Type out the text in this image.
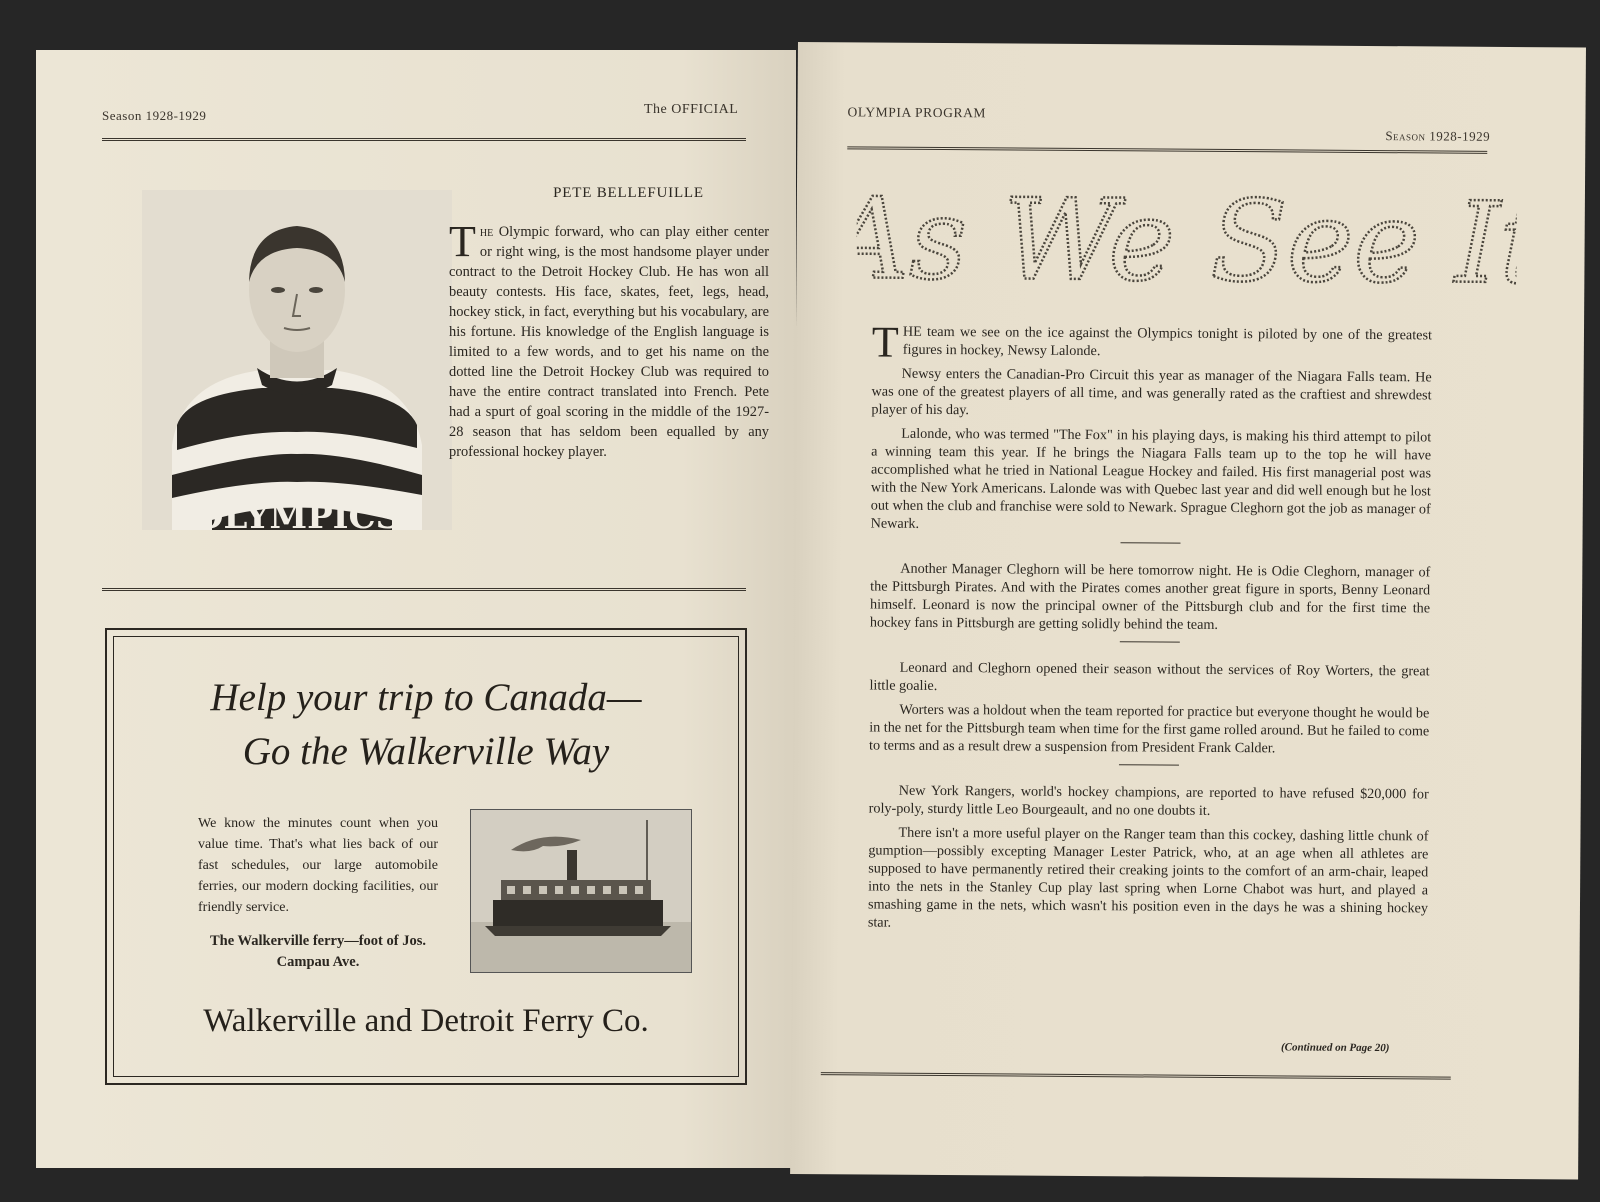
Season 1928-1929	The OFFICIAL
OLYMPICS
PETE BELLEFUILLE
The Olympic forward, who can play either center or right wing, is the most handsome player under contract to the Detroit Hockey Club. He has won all beauty contests. His face, skates, feet, legs, head, hockey stick, in fact, everything but his vocabulary, are his fortune. His knowledge of the English language is limited to a few words, and to get his name on the dotted line the Detroit Hockey Club was required to have the entire contract translated into French. Pete had a spurt of goal scoring in the middle of the 1927-28 season that has seldom been equalled by any professional hockey player.
Help your trip to Canada—
Go the Walkerville Way
We know the minutes count when you value time. That's what lies back of our fast schedules, our large automobile ferries, our modern docking facilities, our friendly service.
The Walkerville ferry—foot of Jos. Campau Ave.
Walkerville and Detroit Ferry Co.
OLYMPIA PROGRAM
Season 1928-1929
As We See It

THE team we see on the ice against the Olympics tonight is piloted by one of the greatest figures in hockey, Newsy Lalonde.

Newsy enters the Canadian-Pro Circuit this year as manager of the Niagara Falls team. He was one of the greatest players of all time, and was generally rated as the craftiest and shrewdest player of his day.

Lalonde, who was termed "The Fox" in his playing days, is making his third attempt to pilot a winning team this year. If he brings the Niagara Falls team up to the top he will have accomplished what he tried in National League Hockey and failed. His first managerial post was with the New York Americans. Lalonde was with Quebec last year and did well enough but he lost out when the club and franchise were sold to Newark. Sprague Cleghorn got the job as manager of Newark.

Another Manager Cleghorn will be here tomorrow night. He is Odie Cleghorn, manager of the Pittsburgh Pirates. And with the Pirates comes another great figure in sports, Benny Leonard himself. Leonard is now the principal owner of the Pittsburgh club and for the first time the hockey fans in Pittsburgh are getting solidly behind the team.

Leonard and Cleghorn opened their season without the services of Roy Worters, the great little goalie.

Worters was a holdout when the team reported for practice but everyone thought he would be in the net for the Pittsburgh team when time for the first game rolled around. But he failed to come to terms and as a result drew a suspension from President Frank Calder.

New York Rangers, world's hockey champions, are reported to have refused $20,000 for roly-poly, sturdy little Leo Bourgeault, and no one doubts it.

There isn't a more useful player on the Ranger team than this cockey, dashing little chunk of gumption—possibly excepting Manager Lester Patrick, who, at an age when all athletes are supposed to have permanently retired their creaking joints to the comfort of an arm-chair, leaped into the nets in the Stanley Cup play last spring when Lorne Chabot was hurt, and played a smashing game in the nets, which wasn't his position even in the days he was a shining hockey star.

(Continued on Page 20)
